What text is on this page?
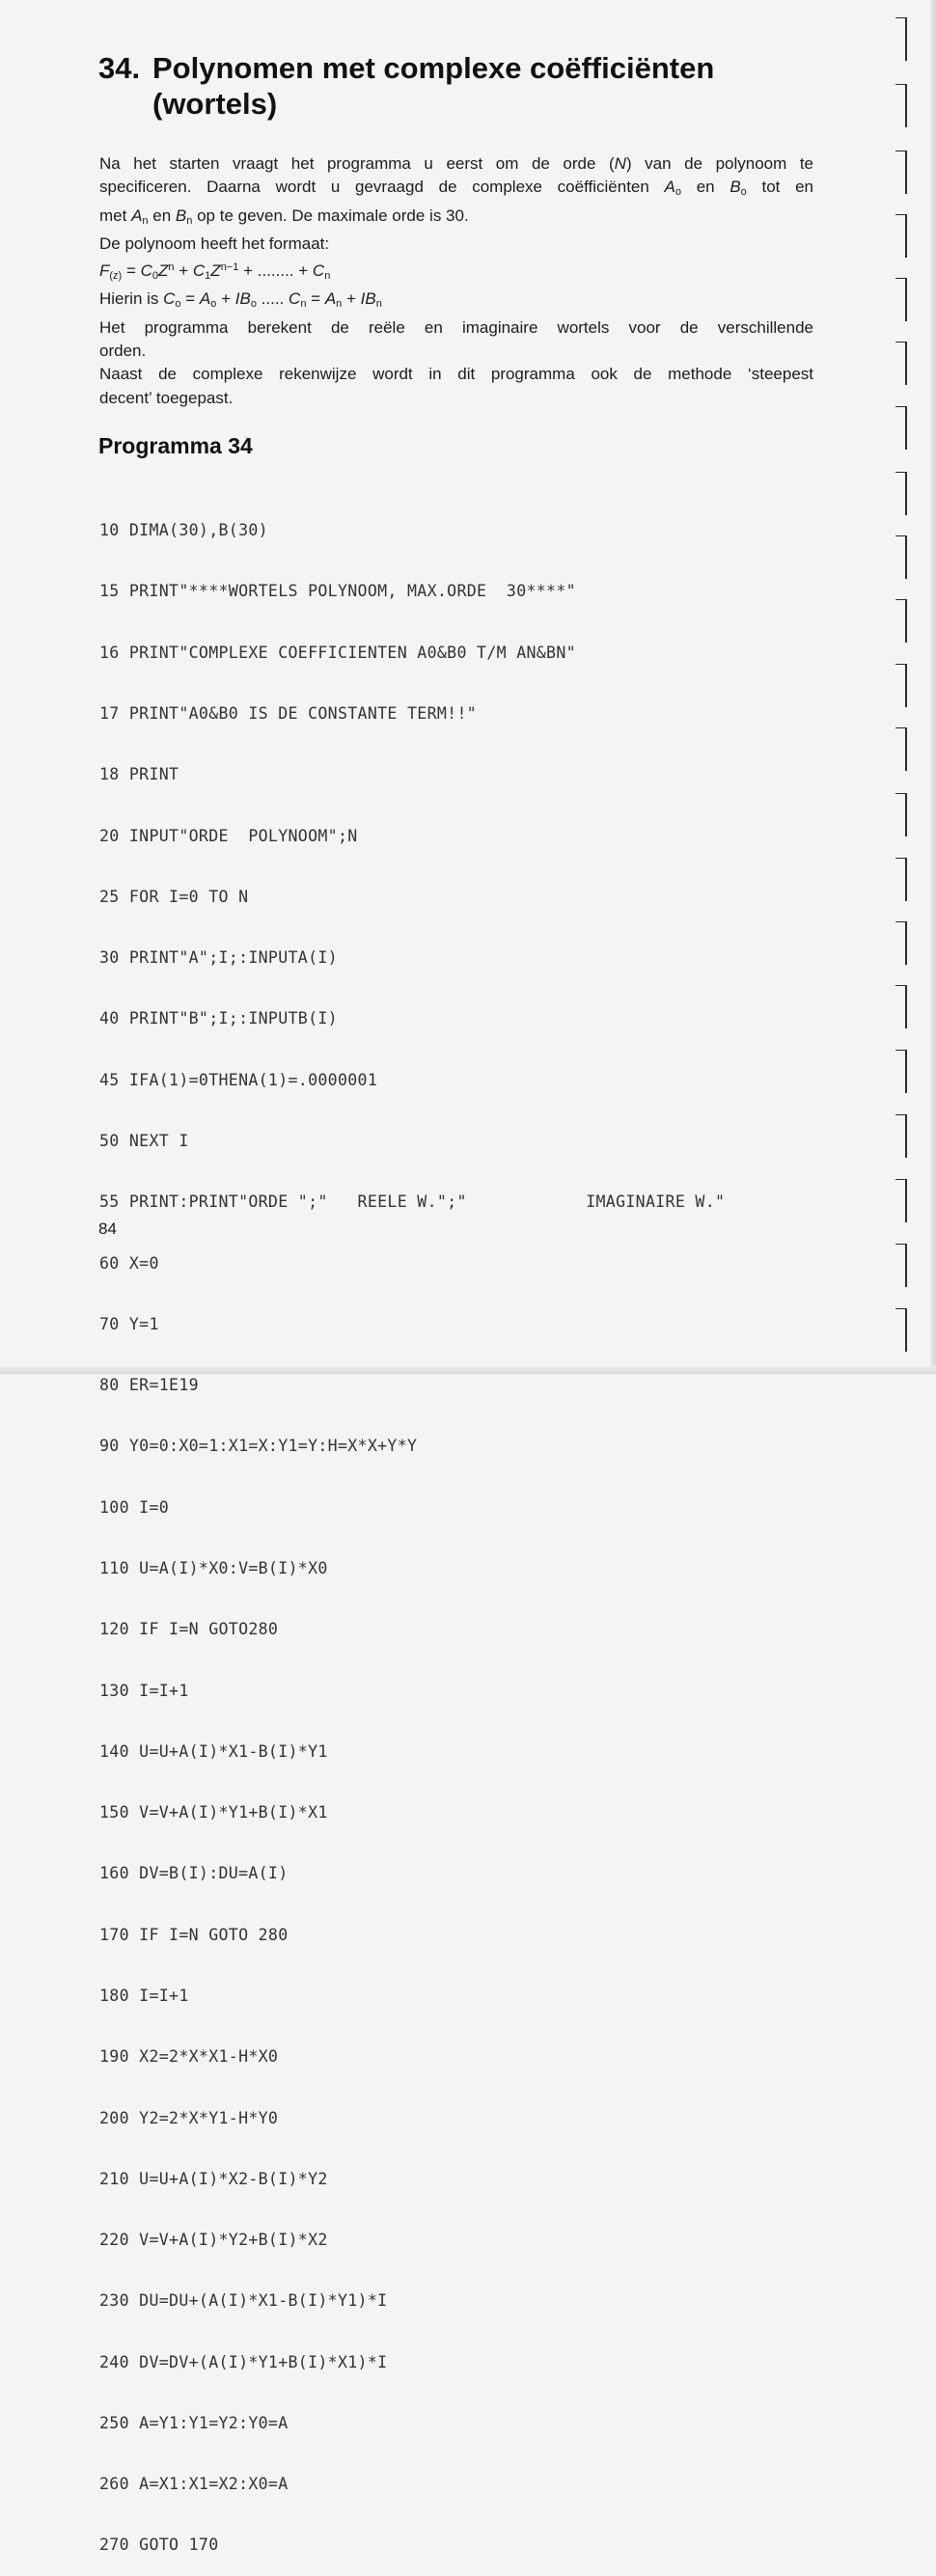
34. Polynomen met complexe coëfficiënten
(wortels)

Na het starten vraagt het programma u eerst om de orde (N) van de polynoom te

specificeren. Daarna wordt u gevraagd de complexe coëfficiënten $A_o$ en $B_o$ tot en

met $A_n$ en $B_n$ op te geven. De maximale orde is 30.

De polynoom heeft het formaat:

$F_{(z)} = C_0Z^n + C_1Z^{n-1}$ + ........ + $C_n$

Hierin is $C_o = A_o + IB_o$ ..... $C_n = A_n + IB_n$

Het programma berekent de reële en imaginaire wortels voor de verschillende

orden.

Naast de complexe rekenwijze wordt in dit programma ook de methode ‘steepest

decent’ toegepast.

Programma 34

10 DIMA(30),B(30)

15 PRINT"****WORTELS POLYNOOM, MAX.ORDE  30****"

16 PRINT"COMPLEXE COEFFICIENTEN A0&B0 T/M AN&BN"

17 PRINT"A0&B0 IS DE CONSTANTE TERM!!"

18 PRINT

20 INPUT"ORDE  POLYNOOM";N

25 FOR I=0 TO N

30 PRINT"A";I;:INPUTA(I)

40 PRINT"B";I;:INPUTB(I)

45 IFA(1)=0THENA(1)=.0000001

50 NEXT I

55 PRINT:PRINT"ORDE ";"   REELE W.";"            IMAGINAIRE W."

60 X=0

70 Y=1

80 ER=1E19

90 Y0=0:X0=1:X1=X:Y1=Y:H=X*X+Y*Y

100 I=0

110 U=A(I)*X0:V=B(I)*X0

120 IF I=N GOTO280

130 I=I+1

140 U=U+A(I)*X1-B(I)*Y1

150 V=V+A(I)*Y1+B(I)*X1

160 DV=B(I):DU=A(I)

170 IF I=N GOTO 280

180 I=I+1

190 X2=2*X*X1-H*X0

200 Y2=2*X*Y1-H*Y0

210 U=U+A(I)*X2-B(I)*Y2

220 V=V+A(I)*Y2+B(I)*X2

230 DU=DU+(A(I)*X1-B(I)*Y1)*I

240 DV=DV+(A(I)*Y1+B(I)*X1)*I

250 A=Y1:Y1=Y2:Y0=A

260 A=X1:X1=X2:X0=A

270 GOTO 170

84
